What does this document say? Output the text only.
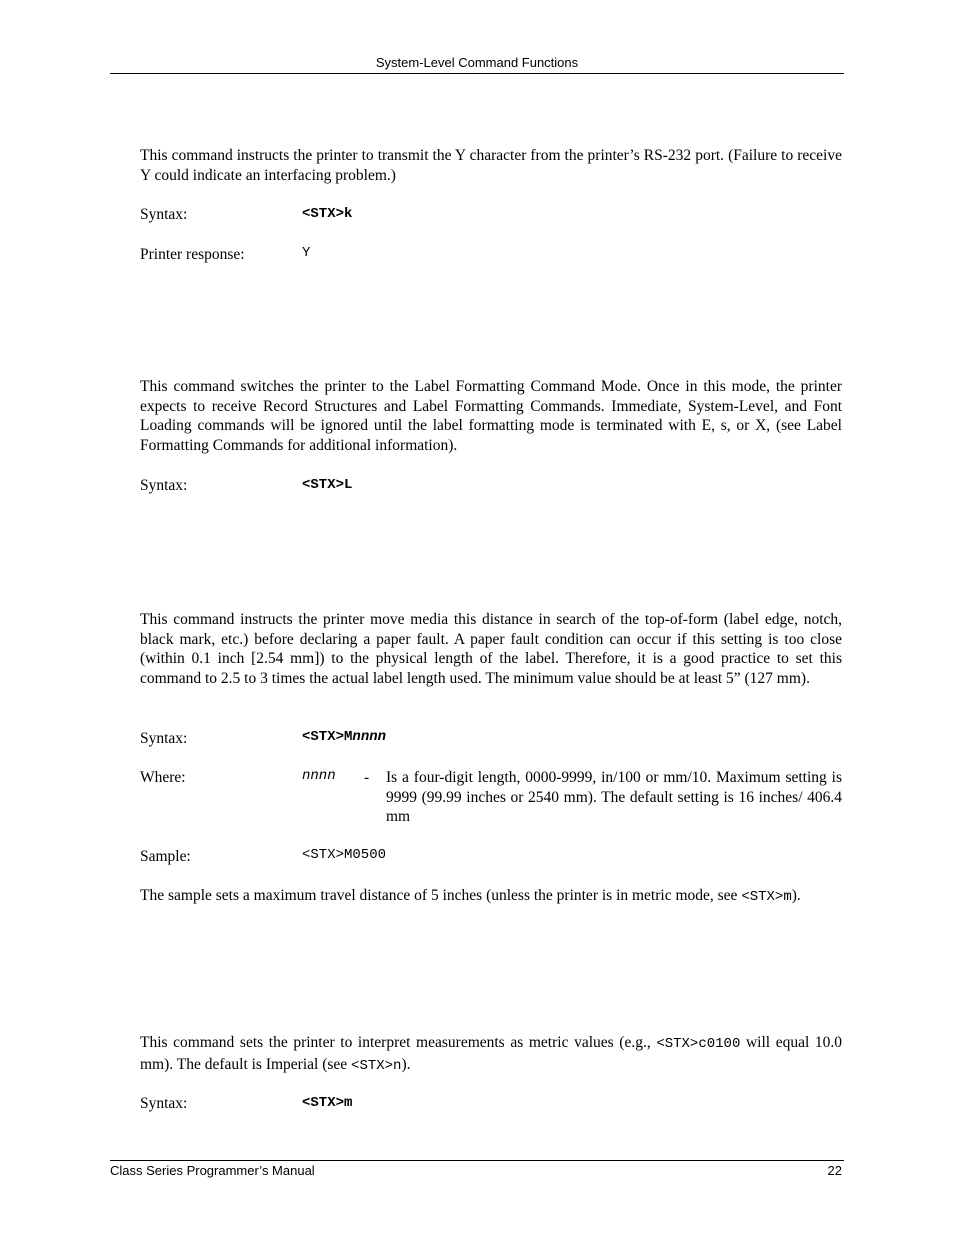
System-Level Command Functions

This command instructs the printer to transmit the Y character from the printer’s RS-232 port. (Failure to receive Y could indicate an interfacing problem.)

Syntax:	<STX>k
Printer response:	Y

This command switches the printer to the Label Formatting Command Mode. Once in this mode, the printer expects to receive Record Structures and Label Formatting Commands. Immediate, System-Level, and Font Loading commands will be ignored until the label formatting mode is terminated with E, s, or X, (see Label Formatting Commands for additional information).

Syntax:	<STX>L

This command instructs the printer move media this distance in search of the top-of-form (label edge, notch, black mark, etc.) before declaring a paper fault. A paper fault condition can occur if this setting is too close (within 0.1 inch [2.54 mm]) to the physical length of the label. Therefore, it is a good practice to set this command to 2.5 to 3 times the actual label length used. The minimum value should be at least 5” (127 mm).

Syntax:	<STX>Mnnnn
Where:	nnnn - Is a four-digit length, 0000-9999, in/100 or mm/10. Maximum setting is 9999 (99.99 inches or 2540 mm). The default setting is 16 inches/ 406.4 mm

Sample:	<STX>M0500

The sample sets a maximum travel distance of 5 inches (unless the printer is in metric mode, see <STX>m).

This command sets the printer to interpret measurements as metric values (e.g., <STX>c0100 will equal 10.0 mm). The default is Imperial (see <STX>n).

Syntax:	<STX>m
Class Series Programmer’s Manual	22
